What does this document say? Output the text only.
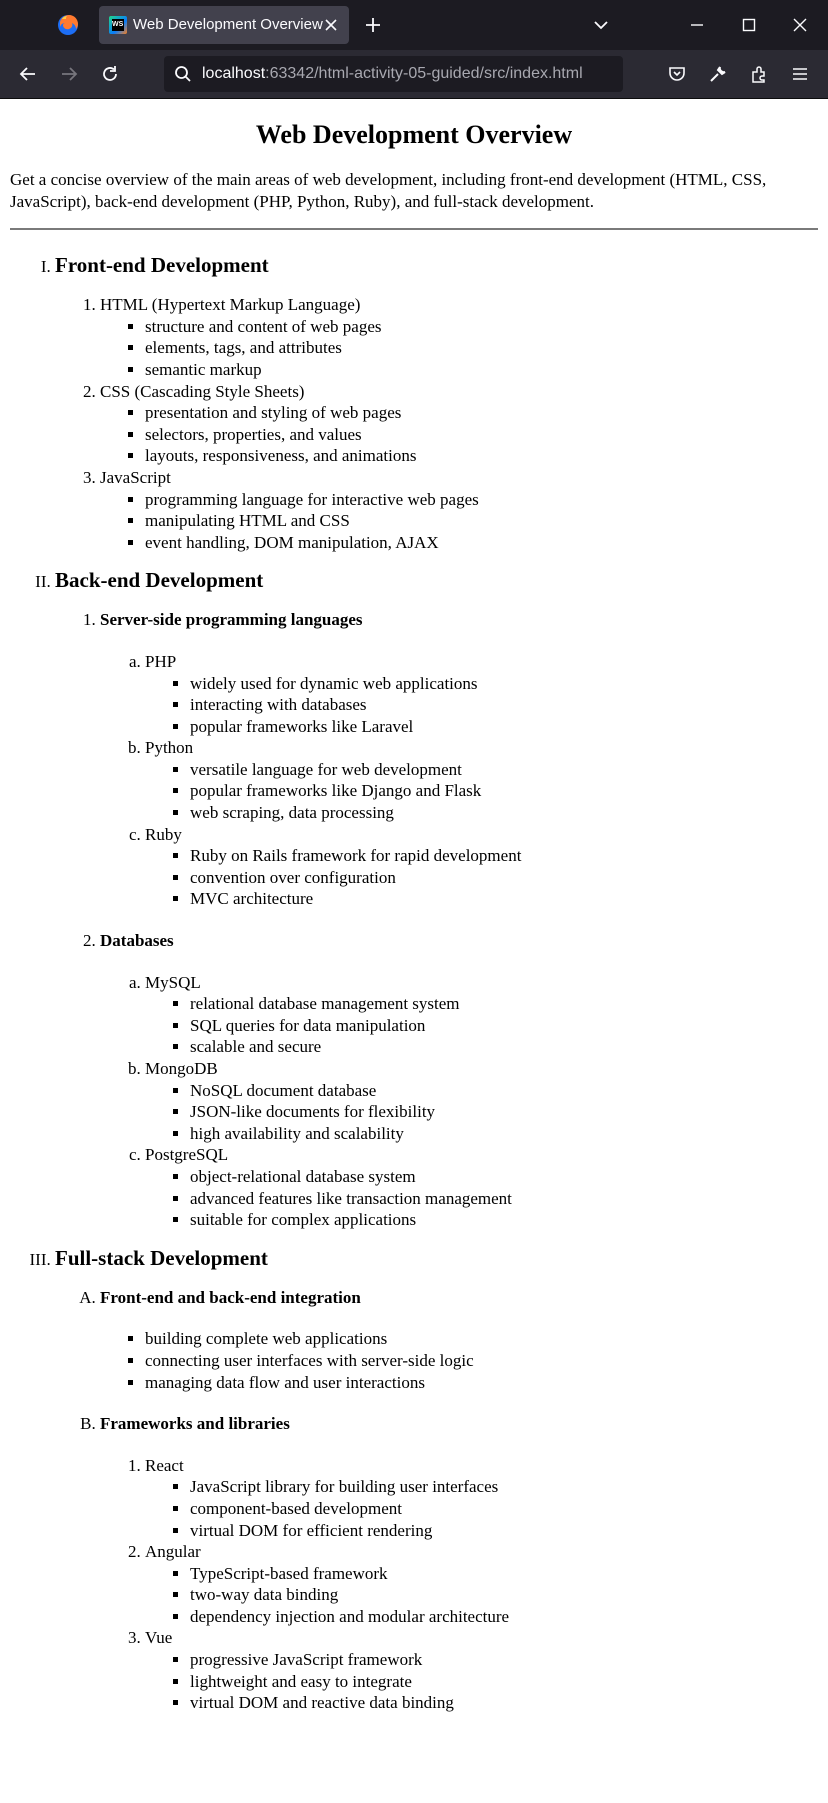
WS
Web Development Overview
localhost:63342/html-activity-05-guided/src/index.html
Web Development Overview

Get a concise overview of the main areas of web development, including front-end development (HTML, CSS, JavaScript), back-end development (PHP, Python, Ruby), and full-stack development.

I. Front-end Development
1. HTML (Hypertext Markup Language)
▪ structure and content of web pages
▪ elements, tags, and attributes
▪ semantic markup
2. CSS (Cascading Style Sheets)
▪ presentation and styling of web pages
▪ selectors, properties, and values
▪ layouts, responsiveness, and animations
3. JavaScript
▪ programming language for interactive web pages
▪ manipulating HTML and CSS
▪ event handling, DOM manipulation, AJAX
II. Back-end Development
1. Server-side programming languages
a. PHP
▪ widely used for dynamic web applications
▪ interacting with databases
▪ popular frameworks like Laravel
b. Python
▪ versatile language for web development
▪ popular frameworks like Django and Flask
▪ web scraping, data processing
c. Ruby
▪ Ruby on Rails framework for rapid development
▪ convention over configuration
▪ MVC architecture
2. Databases
a. MySQL
▪ relational database management system
▪ SQL queries for data manipulation
▪ scalable and secure
b. MongoDB
▪ NoSQL document database
▪ JSON-like documents for flexibility
▪ high availability and scalability
c. PostgreSQL
▪ object-relational database system
▪ advanced features like transaction management
▪ suitable for complex applications
III. Full-stack Development
A. Front-end and back-end integration
▪ building complete web applications
▪ connecting user interfaces with server-side logic
▪ managing data flow and user interactions
B. Frameworks and libraries
1. React
▪ JavaScript library for building user interfaces
▪ component-based development
▪ virtual DOM for efficient rendering
2. Angular
▪ TypeScript-based framework
▪ two-way data binding
▪ dependency injection and modular architecture
3. Vue
▪ progressive JavaScript framework
▪ lightweight and easy to integrate
▪ virtual DOM and reactive data binding
